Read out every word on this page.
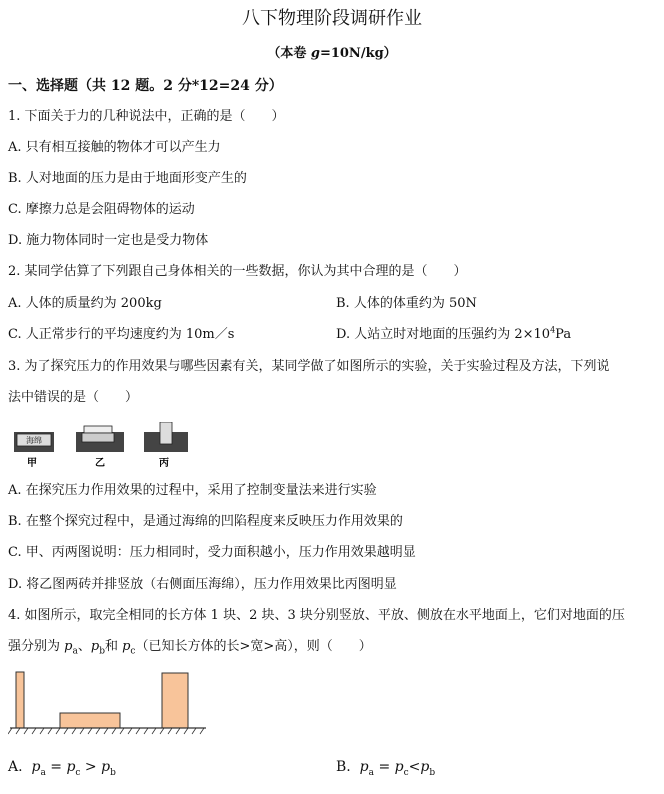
八下物理阶段调研作业
（本卷 g=10N/kg）
一、选择题（共 12 题。2 分*12=24 分）
1. 下面关于力的几种说法中，正确的是（　　）
A. 只有相互接触的物体才可以产生力
B. 人对地面的压力是由于地面形变产生的
C. 摩擦力总是会阻碍物体的运动
D. 施力物体同时一定也是受力物体
2. 某同学估算了下列跟自己身体相关的一些数据，你认为其中合理的是（　　）
A. 人体的质量约为 200kg	B. 人体的体重约为 50N
C. 人正常步行的平均速度约为 10m／s	D. 人站立时对地面的压强约为 $2\times 10^4Pa$
3. 为了探究压力的作用效果与哪些因素有关，某同学做了如图所示的实验，关于实验过程及方法，下列说
法中错误的是（　　）
海绵
甲	乙	丙
A. 在探究压力作用效果的过程中，采用了控制变量法来进行实验
B. 在整个探究过程中，是通过海绵的凹陷程度来反映压力作用效果的
C. 甲、丙两图说明：压力相同时，受力面积越小，压力作用效果越明显
D. 将乙图两砖并排竖放（右侧面压海绵），压力作用效果比丙图明显
4. 如图所示，取完全相同的长方体 1 块、2 块、3 块分别竖放、平放、侧放在水平地面上，它们对地面的压
强分别为 $p_a$、$p_b$和 $p_c$（已知长方体的长>宽>高），则（　　）
A. $p_a = p_c > p_b$	B. $p_a = p_c<p_b$
